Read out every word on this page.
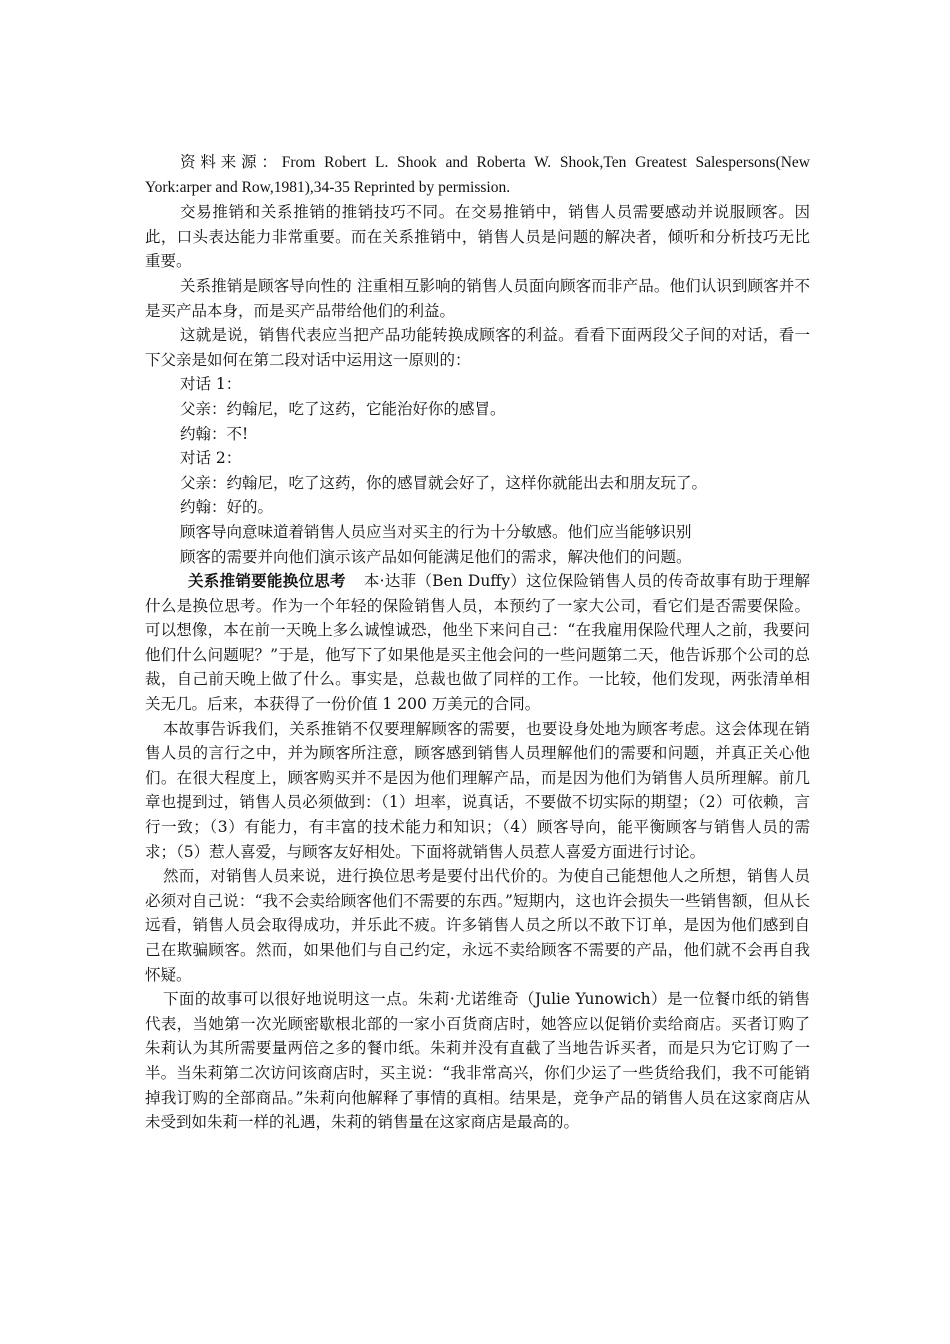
资料来源：From Robert L. Shook and Roberta W. Shook,Ten Greatest Salespersons(New York:arper and Row,1981),34-35 Reprinted by permission.

交易推销和关系推销的推销技巧不同。在交易推销中，销售人员需要感动并说服顾客。因此，口头表达能力非常重要。而在关系推销中，销售人员是问题的解决者，倾听和分析技巧无比重要。

关系推销是顾客导向性的 注重相互影响的销售人员面向顾客而非产品。他们认识到顾客并不是买产品本身，而是买产品带给他们的利益。

这就是说，销售代表应当把产品功能转换成顾客的利益。看看下面两段父子间的对话，看一下父亲是如何在第二段对话中运用这一原则的：

对话 1：

父亲：约翰尼，吃了这药，它能治好你的感冒。

约翰：不!

对话 2：

父亲：约翰尼，吃了这药，你的感冒就会好了，这样你就能出去和朋友玩了。

约翰：好的。

顾客导向意味道着销售人员应当对买主的行为十分敏感。他们应当能够识别

顾客的需要并向他们演示该产品如何能满足他们的需求，解决他们的问题。

关系推销要能换位思考 本·达菲（Ben Duffy）这位保险销售人员的传奇故事有助于理解什么是换位思考。作为一个年轻的保险销售人员，本预约了一家大公司，看它们是否需要保险。可以想像，本在前一天晚上多么诚惶诚恐，他坐下来问自己：“在我雇用保险代理人之前，我要问他们什么问题呢？”于是，他写下了如果他是买主他会问的一些问题第二天，他告诉那个公司的总裁，自己前天晚上做了什么。事实是，总裁也做了同样的工作。一比较，他们发现，两张清单相关无几。后来，本获得了一份价值 1 200 万美元的合同。

本故事告诉我们，关系推销不仅要理解顾客的需要，也要设身处地为顾客考虑。这会体现在销售人员的言行之中，并为顾客所注意，顾客感到销售人员理解他们的需要和问题，并真正关心他们。在很大程度上，顾客购买并不是因为他们理解产品，而是因为他们为销售人员所理解。前几章也提到过，销售人员必须做到：（1）坦率，说真话，不要做不切实际的期望；（2）可依赖，言行一致；（3）有能力，有丰富的技术能力和知识；（4）顾客导向，能平衡顾客与销售人员的需求；（5）惹人喜爱，与顾客友好相处。下面将就销售人员惹人喜爱方面进行讨论。

然而，对销售人员来说，进行换位思考是要付出代价的。为使自己能想他人之所想，销售人员必须对自己说：“我不会卖给顾客他们不需要的东西。”短期内，这也许会损失一些销售额，但从长远看，销售人员会取得成功，并乐此不疲。许多销售人员之所以不敢下订单，是因为他们感到自己在欺骗顾客。然而，如果他们与自己约定，永远不卖给顾客不需要的产品，他们就不会再自我怀疑。

下面的故事可以很好地说明这一点。朱莉·尤诺维奇（Julie Yunowich）是一位餐巾纸的销售代表，当她第一次光顾密歇根北部的一家小百货商店时，她答应以促销价卖给商店。买者订购了朱莉认为其所需要量两倍之多的餐巾纸。朱莉并没有直截了当地告诉买者，而是只为它订购了一半。当朱莉第二次访问该商店时，买主说：“我非常高兴，你们少运了一些货给我们，我不可能销掉我订购的全部商品。”朱莉向他解释了事情的真相。结果是，竞争产品的销售人员在这家商店从未受到如朱莉一样的礼遇，朱莉的销售量在这家商店是最高的。
